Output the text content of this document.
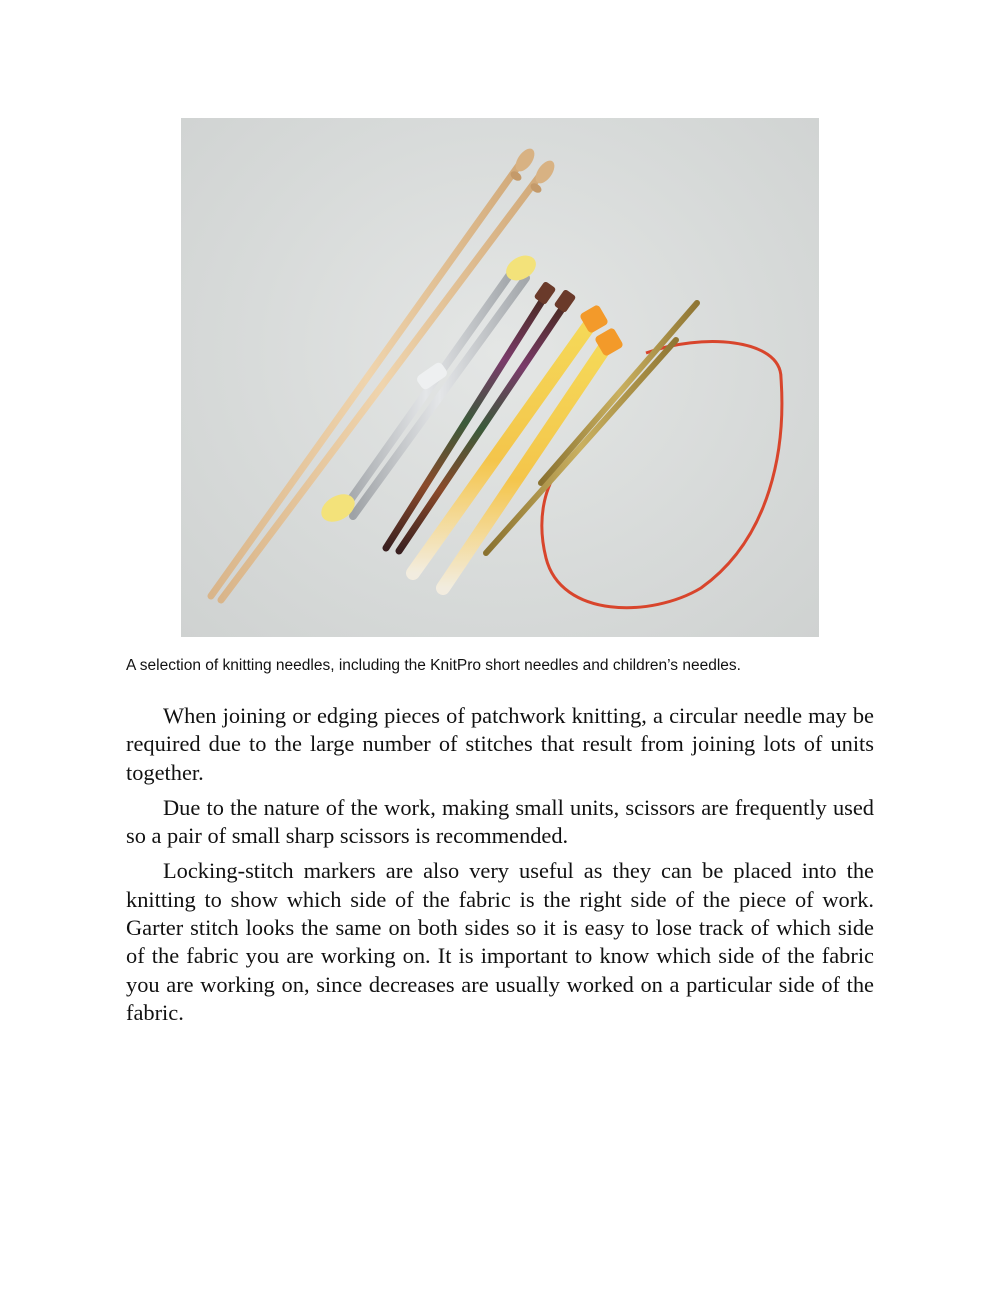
A selection of knitting needles, including the KnitPro short needles and children’s needles.

When joining or edging pieces of patchwork knitting, a circular needle may be required due to the large number of stitches that result from joining lots of units together.

Due to the nature of the work, making small units, scissors are frequently used so a pair of small sharp scissors is recommended.

Locking-stitch markers are also very useful as they can be placed into the knitting to show which side of the fabric is the right side of the piece of work. Garter stitch looks the same on both sides so it is easy to lose track of which side of the fabric you are working on. It is important to know which side of the fabric you are working on, since decreases are usually worked on a particular side of the fabric.
